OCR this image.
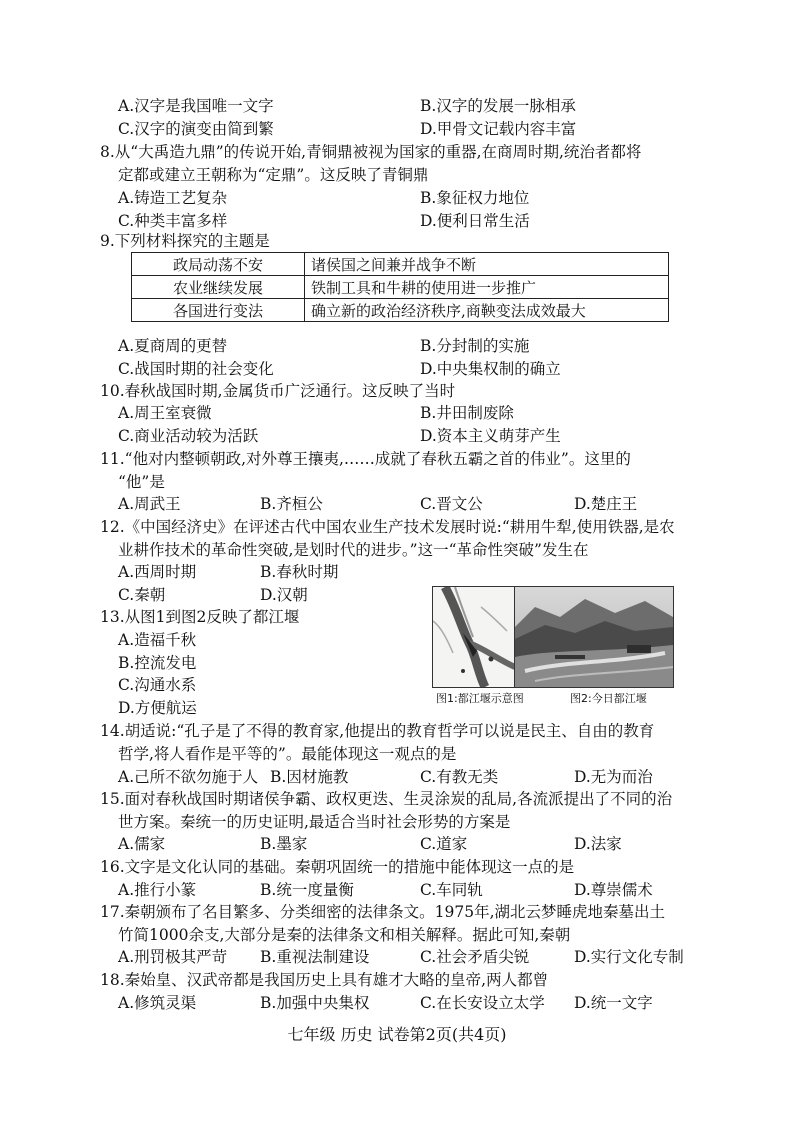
A.汉字是我国唯一文字	B.汉字的发展一脉相承
C.汉字的演变由简到繁	D.甲骨文记载内容丰富
8.从“大禹造九鼎”的传说开始,青铜鼎被视为国家的重器,在商周时期,统治者都将
定都或建立王朝称为“定鼎”。这反映了青铜鼎
A.铸造工艺复杂	B.象征权力地位
C.种类丰富多样	D.便利日常生活
9.下列材料探究的主题是
政局动荡不安	诸侯国之间兼并战争不断
农业继续发展	铁制工具和牛耕的使用进一步推广
各国进行变法	确立新的政治经济秩序,商鞅变法成效最大
A.夏商周的更替	B.分封制的实施
C.战国时期的社会变化	D.中央集权制的确立
10.春秋战国时期,金属货币广泛通行。这反映了当时
A.周王室衰微	B.井田制废除
C.商业活动较为活跃	D.资本主义萌芽产生
11.“他对内整顿朝政,对外尊王攘夷,……成就了春秋五霸之首的伟业”。这里的
“他”是
A.周武王	B.齐桓公	C.晋文公	D.楚庄王
12.《中国经济史》在评述古代中国农业生产技术发展时说:“耕用牛犁,使用铁器,是农
业耕作技术的革命性突破,是划时代的进步。”这一“革命性突破”发生在
A.西周时期	B.春秋时期
C.秦朝	D.汉朝
13.从图1到图2反映了都江堰
A.造福千秋
B.控流发电
C.沟通水系
D.方便航运
图1:都江堰示意图	图2:今日都江堰
14.胡适说:“孔子是了不得的教育家,他提出的教育哲学可以说是民主、自由的教育
哲学,将人看作是平等的”。最能体现这一观点的是
A.己所不欲勿施于人 B.因材施教	C.有教无类	D.无为而治
15.面对春秋战国时期诸侯争霸、政权更迭、生灵涂炭的乱局,各流派提出了不同的治
世方案。秦统一的历史证明,最适合当时社会形势的方案是
A.儒家	B.墨家	C.道家	D.法家
16.文字是文化认同的基础。秦朝巩固统一的措施中能体现这一点的是
A.推行小篆	B.统一度量衡	C.车同轨	D.尊崇儒术
17.秦朝颁布了名目繁多、分类细密的法律条文。1975年,湖北云梦睡虎地秦墓出土
竹简1000余支,大部分是秦的法律条文和相关解释。据此可知,秦朝
A.刑罚极其严苛 B.重视法制建设	C.社会矛盾尖锐	D.实行文化专制
18.秦始皇、汉武帝都是我国历史上具有雄才大略的皇帝,两人都曾
A.修筑灵渠	B.加强中央集权	C.在长安设立太学 D.统一文字
七年级 历史 试卷第2页(共4页)
